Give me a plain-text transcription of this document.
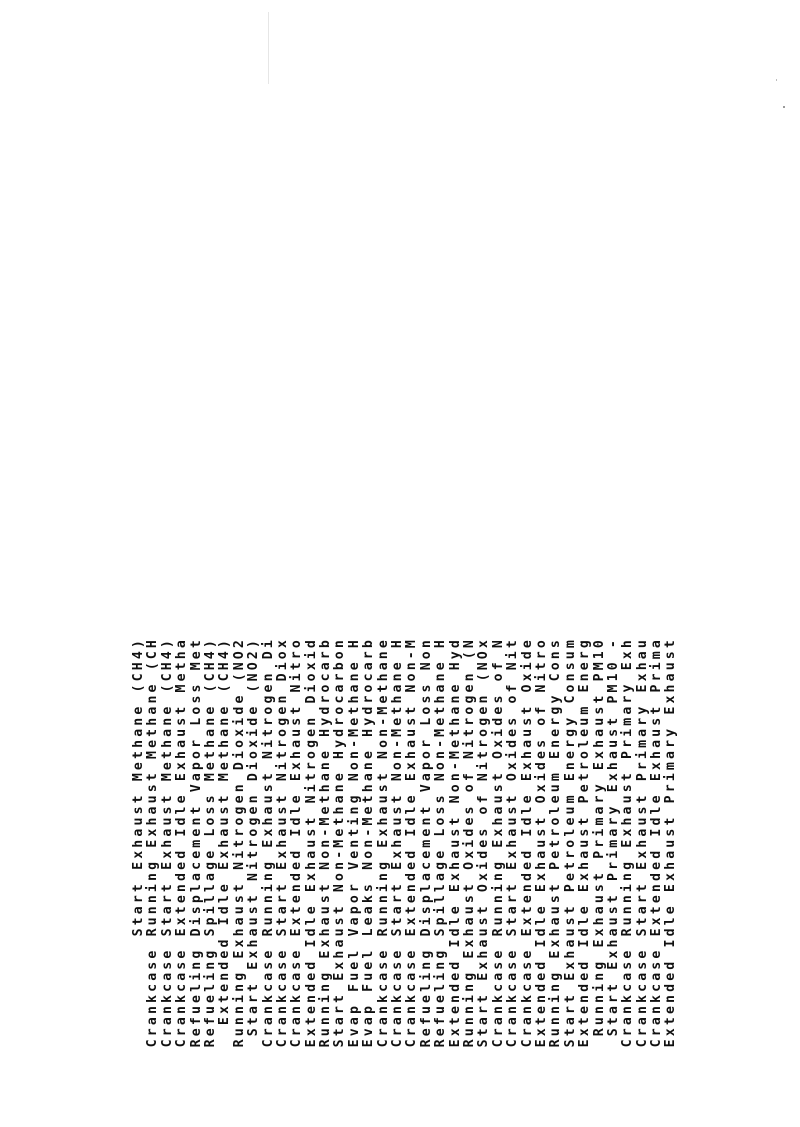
Start Exhaust Methane (CH4) Crankcase Running Exhaust Methane (CH Crankcase Start Exhaust Methane (CH4) Crankcase Extended Idle Exhaust Metha Refueling Displacement Vapor Loss Met Refueling Spillage Loss Methane (CH4) Extended Idle Exhaust Methane (CH4) Running Exhaust Nitrogen Dioxide (NO2 Start Exhaust Nitrogen Dioxide (NO2) Crankcase Running Exhaust Nitrogen Di Crankcase Start Exhaust Nitrogen Diox Crankcase Extended Idle Exhaust Nitro Extended Idle Exhaust Nitrogen Dioxid Running Exhaust Non-Methane Hydrocarb Start Exhaust Non-Methane Hydrocarbon Evap Fuel Vapor Venting Non-Methane H Evap Fuel Leaks Non-Methane Hydrocarb Crankcase Running Exhaust Non-Methane Crankcase Start Exhaust Non-Methane H Crankcase Extended Idle Exhaust Non-M Refueling Displacement Vapor Loss Non Refueling Spillage Loss Non-Methane H Extended Idle Exhaust Non-Methane Hyd Running Exhaust Oxides of Nitrogen (N Start Exhaust Oxides of Nitrogen (NOx Crankcase Running Exhaust Oxides of N Crankcase Start Exhaust Oxides of Nit Crankcase Extended Idle Exhaust Oxide Extended Idle Exhaust Oxides of Nitro Running Exhaust Petroleum Energy Cons Start Exhaust Petroleum Energy Consum Extended Idle Exhaust Petroleum Energ Running Exhaust Primary Exhaust PM10 Start Exhaust Primary Exhaust PM10 - Crankcase Running Exhaust Primary Exh Crankcase Start Exhaust Primary Exhau Crankcase Extended Idle Exhaust Prima Extended Idle Exhaust Primary Exhaust
